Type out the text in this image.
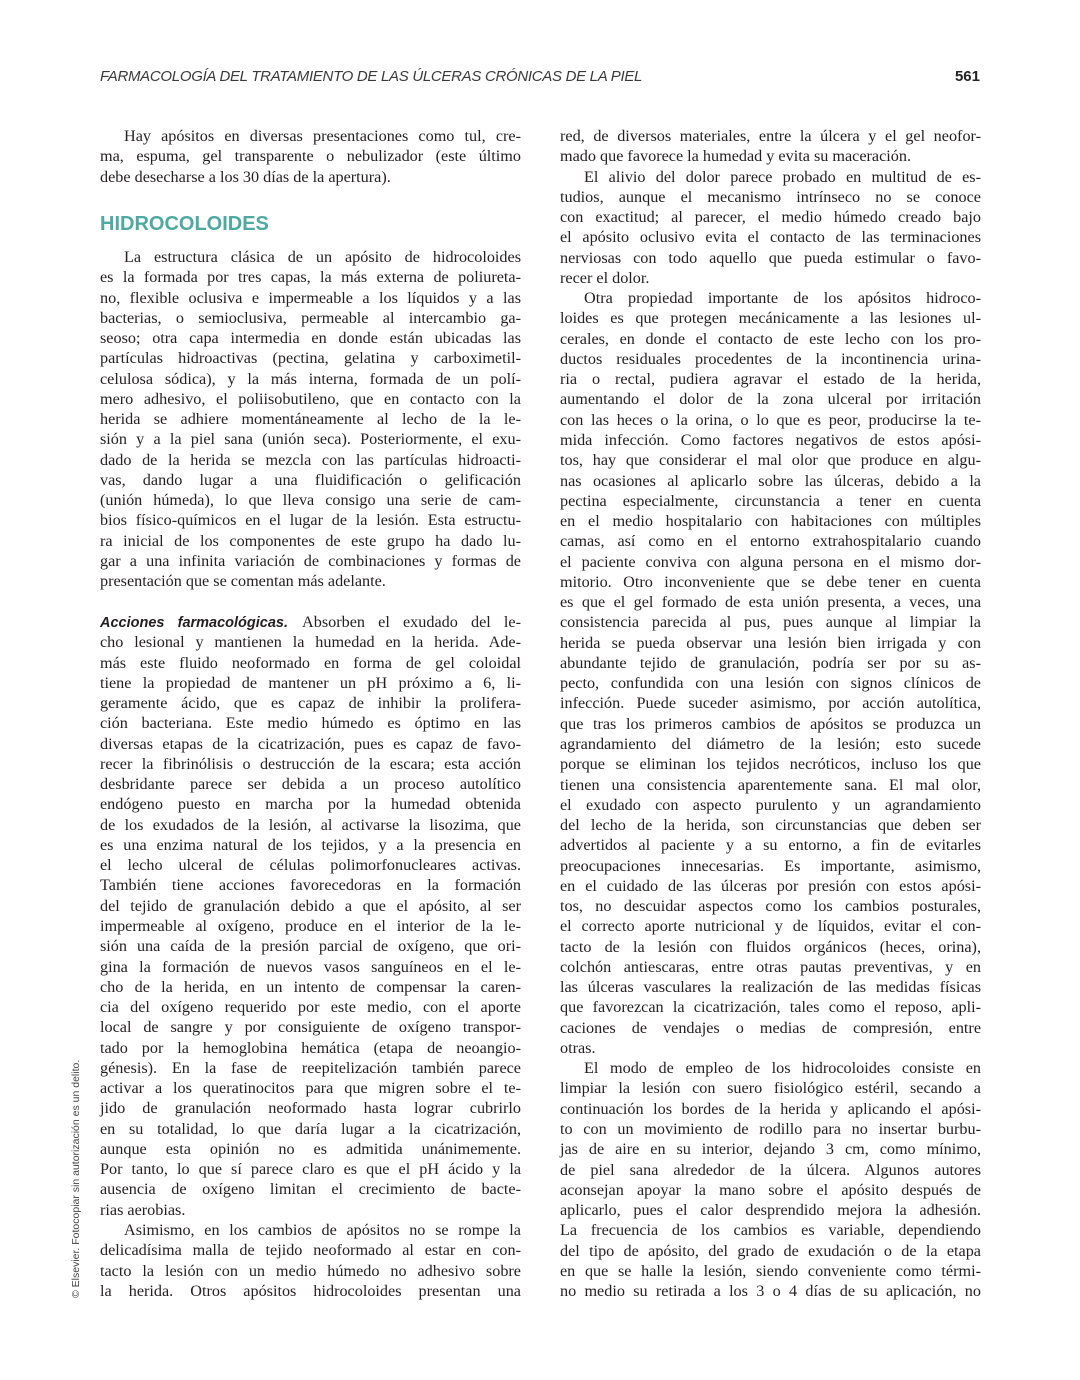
FARMACOLOGÍA DEL TRATAMIENTO DE LAS ÚLCERAS CRÓNICAS DE LA PIEL	561
Hay apósitos en diversas presentaciones como tul, cre-
ma, espuma, gel transparente o nebulizador (este último
debe desecharse a los 30 días de la apertura).
HIDROCOLOIDES
La estructura clásica de un apósito de hidrocoloides
es la formada por tres capas, la más externa de poliureta-
no, flexible oclusiva e impermeable a los líquidos y a las
bacterias, o semioclusiva, permeable al intercambio ga-
seoso; otra capa intermedia en donde están ubicadas las
partículas hidroactivas (pectina, gelatina y carboximetil-
celulosa sódica), y la más interna, formada de un polí-
mero adhesivo, el poliisobutileno, que en contacto con la
herida se adhiere momentáneamente al lecho de la le-
sión y a la piel sana (unión seca). Posteriormente, el exu-
dado de la herida se mezcla con las partículas hidroacti-
vas, dando lugar a una fluidificación o gelificación
(unión húmeda), lo que lleva consigo una serie de cam-
bios físico-químicos en el lugar de la lesión. Esta estructu-
ra inicial de los componentes de este grupo ha dado lu-
gar a una infinita variación de combinaciones y formas de
presentación que se comentan más adelante.
Acciones farmacológicas. Absorben el exudado del le-
cho lesional y mantienen la humedad en la herida. Ade-
más este fluido neoformado en forma de gel coloidal
tiene la propiedad de mantener un pH próximo a 6, li-
geramente ácido, que es capaz de inhibir la prolifera-
ción bacteriana. Este medio húmedo es óptimo en las
diversas etapas de la cicatrización, pues es capaz de favo-
recer la fibrinólisis o destrucción de la escara; esta acción
desbridante parece ser debida a un proceso autolítico
endógeno puesto en marcha por la humedad obtenida
de los exudados de la lesión, al activarse la lisozima, que
es una enzima natural de los tejidos, y a la presencia en
el lecho ulceral de células polimorfonucleares activas.
También tiene acciones favorecedoras en la formación
del tejido de granulación debido a que el apósito, al ser
impermeable al oxígeno, produce en el interior de la le-
sión una caída de la presión parcial de oxígeno, que ori-
gina la formación de nuevos vasos sanguíneos en el le-
cho de la herida, en un intento de compensar la caren-
cia del oxígeno requerido por este medio, con el aporte
local de sangre y por consiguiente de oxígeno transpor-
tado por la hemoglobina hemática (etapa de neoangio-
génesis). En la fase de reepitelización también parece
activar a los queratinocitos para que migren sobre el te-
jido de granulación neoformado hasta lograr cubrirlo
en su totalidad, lo que daría lugar a la cicatrización,
aunque esta opinión no es admitida unánimemente.
Por tanto, lo que sí parece claro es que el pH ácido y la
ausencia de oxígeno limitan el crecimiento de bacte-
rias aerobias.
Asimismo, en los cambios de apósitos no se rompe la
delicadísima malla de tejido neoformado al estar en con-
tacto la lesión con un medio húmedo no adhesivo sobre
la herida. Otros apósitos hidrocoloides presentan una
red, de diversos materiales, entre la úlcera y el gel neofor-
mado que favorece la humedad y evita su maceración.
El alivio del dolor parece probado en multitud de es-
tudios, aunque el mecanismo intrínseco no se conoce
con exactitud; al parecer, el medio húmedo creado bajo
el apósito oclusivo evita el contacto de las terminaciones
nerviosas con todo aquello que pueda estimular o favo-
recer el dolor.
Otra propiedad importante de los apósitos hidroco-
loides es que protegen mecánicamente a las lesiones ul-
cerales, en donde el contacto de este lecho con los pro-
ductos residuales procedentes de la incontinencia urina-
ria o rectal, pudiera agravar el estado de la herida,
aumentando el dolor de la zona ulceral por irritación
con las heces o la orina, o lo que es peor, producirse la te-
mida infección. Como factores negativos de estos apósi-
tos, hay que considerar el mal olor que produce en algu-
nas ocasiones al aplicarlo sobre las úlceras, debido a la
pectina especialmente, circunstancia a tener en cuenta
en el medio hospitalario con habitaciones con múltiples
camas, así como en el entorno extrahospitalario cuando
el paciente conviva con alguna persona en el mismo dor-
mitorio. Otro inconveniente que se debe tener en cuenta
es que el gel formado de esta unión presenta, a veces, una
consistencia parecida al pus, pues aunque al limpiar la
herida se pueda observar una lesión bien irrigada y con
abundante tejido de granulación, podría ser por su as-
pecto, confundida con una lesión con signos clínicos de
infección. Puede suceder asimismo, por acción autolítica,
que tras los primeros cambios de apósitos se produzca un
agrandamiento del diámetro de la lesión; esto sucede
porque se eliminan los tejidos necróticos, incluso los que
tienen una consistencia aparentemente sana. El mal olor,
el exudado con aspecto purulento y un agrandamiento
del lecho de la herida, son circunstancias que deben ser
advertidos al paciente y a su entorno, a fin de evitarles
preocupaciones innecesarias. Es importante, asimismo,
en el cuidado de las úlceras por presión con estos apósi-
tos, no descuidar aspectos como los cambios posturales,
el correcto aporte nutricional y de líquidos, evitar el con-
tacto de la lesión con fluidos orgánicos (heces, orina),
colchón antiescaras, entre otras pautas preventivas, y en
las úlceras vasculares la realización de las medidas físicas
que favorezcan la cicatrización, tales como el reposo, apli-
caciones de vendajes o medias de compresión, entre
otras.
El modo de empleo de los hidrocoloides consiste en
limpiar la lesión con suero fisiológico estéril, secando a
continuación los bordes de la herida y aplicando el apósi-
to con un movimiento de rodillo para no insertar burbu-
jas de aire en su interior, dejando 3 cm, como mínimo,
de piel sana alrededor de la úlcera. Algunos autores
aconsejan apoyar la mano sobre el apósito después de
aplicarlo, pues el calor desprendido mejora la adhesión.
La frecuencia de los cambios es variable, dependiendo
del tipo de apósito, del grado de exudación o de la etapa
en que se halle la lesión, siendo conveniente como térmi-
no medio su retirada a los 3 o 4 días de su aplicación, no
© Elsevier. Fotocopiar sin autorización es un delito.
